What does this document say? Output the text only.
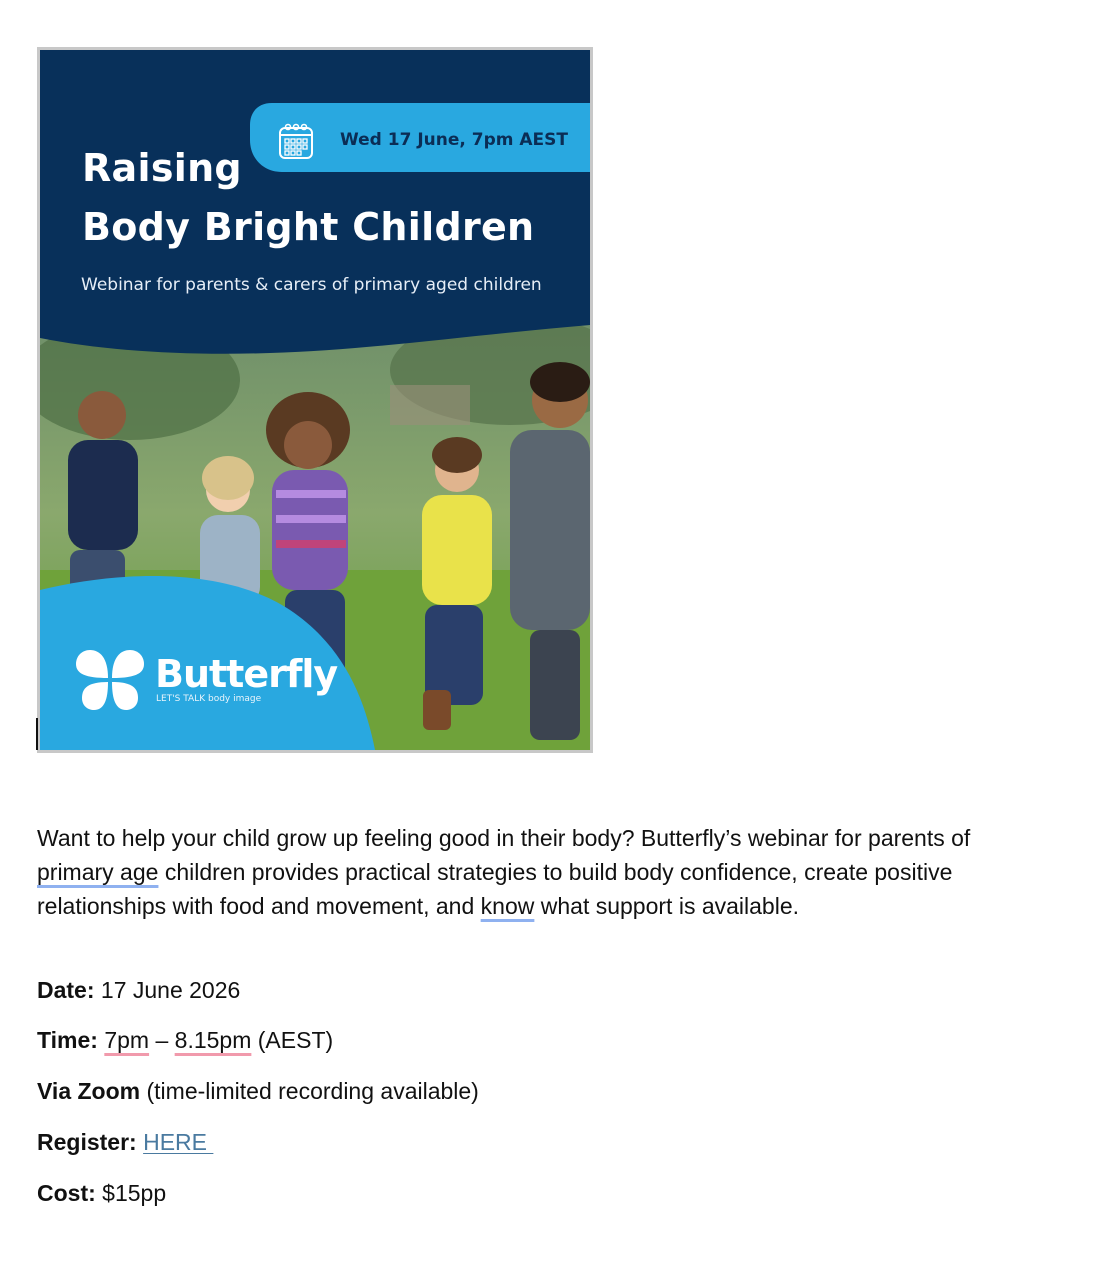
Wed 17 June, 7pm AEST
Raising
Body Bright Children
Webinar for parents & carers of primary aged children
Butterfly
LET'S TALK body image

Want to help your child grow up feeling good in their body? Butterfly’s webinar for parents of primary age children provides practical strategies to build body confidence, create positive relationships with food and movement, and know what support is available.

Date: 17 June 2026
Time: 7pm – 8.15pm (AEST)
Via Zoom (time-limited recording available)
Register: HERE
Cost: $15pp
